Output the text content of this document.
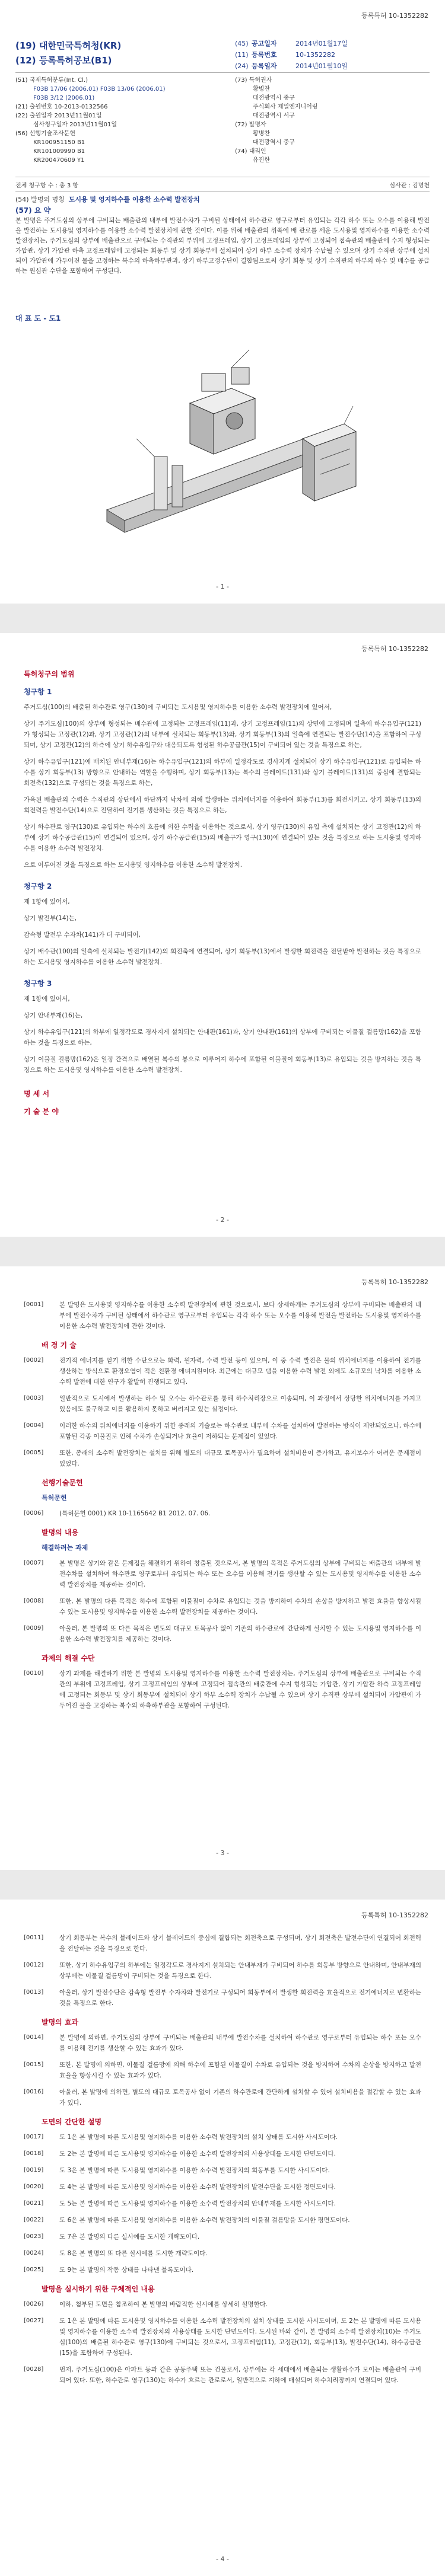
등록특허 10-1352282
(19) 대한민국특허청(KR)
(12) 등록특허공보(B1)
(45) 공고일자	2014년01월17일
(11) 등록번호	10-1352282
(24) 등록일자	2014년01월10일
(51) 국제특허분류(Int. Cl.)
F03B 17/06 (2006.01) F03B 13/06 (2006.01)
F03B 3/12 (2006.01)
(21) 출원번호 10-2013-0132566
(22) 출원일자 2013년11월01일
심사청구일자 2013년11월01일
(56) 선행기술조사문헌
KR100951150 B1
KR101009990 B1
KR200470609 Y1
(73) 특허권자
황병찬
대전광역시 중구
주식회사 제일엔지니어링
대전광역시 서구
(72) 발명자
황병찬
대전광역시 중구
(74) 대리인
유진한
전체 청구항 수 : 총 3 항	심사관 : 김명천
(54) 발명의 명칭 도시용 및 영지하수를 이용한 소수력 발전장치
(57) 요 약
본 발명은 주거도심의 상부에 구비되는 배출관의 내부에 발전수차가 구비된 상태에서 하수관로 영구로부터 유입되는 각각 하수 또는 오수를 이용해 발전을 발전하는 도시용및 영지하수를 이용한 소수력 발전장치에 관한 것이다. 이를 위해 배출관의 위쪽에 배 관로를 세운 도시용및 영지하수를 이용한 소수력 발전장치는, 주거도심의 상부에 배출관으로 구비되는 수직관의 부위에 고정프레임, 상기 고정프레임의 상부에 고정되어 접속관의 배출관에 수지 형성되는 가압관, 상기 가압관 하측 고정프레임에 고정되는 회동부 및 상기 회동부에 설치되어 상기 하부 소수력 장치가 수납될 수 있으며 상기 수직관 상부에 설치되어 가압관에 가두어진 물을 고정하는 복수의 하측하부관과, 상기 하부고정수단이 결합됨으로써 상기 회동 및 상기 수직관의 하부의 하수 및 배수를 공급하는 원심관 수단을 포함하여 구성된다.
대 표 도 - 도1
- 1 -
등록특허 10-1352282
특허청구의 범위
청구항 1

주거도심(100)의 배출된 하수관로 영구(130)에 구비되는 도시용및 영지하수를 이용한 소수력 발전장치에 있어서,

상기 주거도심(100)의 상부에 형성되는 배수관에 고정되는 고정프레임(11)과, 상기 고정프레임(11)의 상면에 고정되며 일측에 하수유입구(121)가 형성되는 고정관(12)과, 상기 고정관(12)의 내부에 설치되는 회동부(13)와, 상기 회동부(13)의 일측에 연결되는 발전수단(14)을 포함하여 구성되며, 상기 고정관(12)의 하측에 상기 하수유입구와 대응되도록 형성된 하수공급관(15)이 구비되어 있는 것을 특징으로 하는,

상기 하수유입구(121)에 배치된 안내부재(16)는 하수유입구(121)의 하부에 일정각도로 경사지게 설치되어 상기 하수유입구(121)로 유입되는 하수를 상기 회동부(13) 방향으로 안내하는 역할을 수행하며, 상기 회동부(13)는 복수의 블레이드(131)와 상기 블레이드(131)의 중심에 결합되는 회전축(132)으로 구성되는 것을 특징으로 하는,

가옥된 배출관의 수력은 수직관의 상단에서 하단까지 낙차에 의해 발생하는 위치에너지를 이용하여 회동부(13)를 회전시키고, 상기 회동부(13)의 회전력을 발전수단(14)으로 전달하여 전기를 생산하는 것을 특징으로 하는,

상기 하수관로 영구(130)로 유입되는 하수의 흐름에 의한 수력을 이용하는 것으로서, 상기 영구(130)의 유입 측에 설치되는 상기 고정관(12)의 하부에 상기 하수공급관(15)이 연결되어 있으며, 상기 하수공급관(15)의 배출구가 영구(130)에 연결되어 있는 것을 특징으로 하는 도시용및 영지하수를 이용한 소수력 발전장치.

으로 이루어진 것을 특징으로 하는 도시용및 영지하수를 이용한 소수력 발전장치.

청구항 2

제 1항에 있어서,

상기 발전부(14)는,

감속형 발전부 수자차(141)가 더 구비되어,

상기 배수관(100)의 일측에 설치되는 발전기(142)의 회전축에 연결되어, 상기 회동부(13)에서 발생한 회전력을 전달받아 발전하는 것을 특징으로 하는 도시용및 영지하수를 이용한 소수력 발전장치.

청구항 3

제 1항에 있어서,

상기 안내부재(16)는,

상기 하수유입구(121)의 하부에 일정각도로 경사지게 설치되는 안내판(161)과, 상기 안내판(161)의 상부에 구비되는 이물질 걸름망(162)을 포함하는 것을 특징으로 하는,

상기 이물질 걸름망(162)은 일정 간격으로 배열된 복수의 봉으로 이루어져 하수에 포함된 이물질이 회동부(13)로 유입되는 것을 방지하는 것을 특징으로 하는 도시용및 영지하수를 이용한 소수력 발전장치.

명 세 서
기 술 분 야
- 2 -
등록특허 10-1352282
[0001]	본 발명은 도시용및 영지하수를 이용한 소수력 발전장치에 관한 것으로서, 보다 상세하게는 주거도심의 상부에 구비되는 배출관의 내부에 발전수차가 구비된 상태에서 하수관로 영구로부터 유입되는 각각 하수 또는 오수를 이용해 발전을 발전하는 도시용및 영지하수를 이용한 소수력 발전장치에 관한 것이다.
배 경 기 술
[0002]	전기적 에너지를 얻기 위한 수단으로는 화력, 원자력, 수력 발전 등이 있으며, 이 중 수력 발전은 물의 위치에너지를 이용하여 전기를 생산하는 방식으로 환경오염이 적은 친환경 에너지원이다. 최근에는 대규모 댐을 이용한 수력 발전 외에도 소규모의 낙차를 이용한 소수력 발전에 대한 연구가 활발히 진행되고 있다.
[0003]	일반적으로 도시에서 발생하는 하수 및 오수는 하수관로를 통해 하수처리장으로 이송되며, 이 과정에서 상당한 위치에너지를 가지고 있음에도 불구하고 이를 활용하지 못하고 버려지고 있는 실정이다.
[0004]	이러한 하수의 위치에너지를 이용하기 위한 종래의 기술로는 하수관로 내부에 수차를 설치하여 발전하는 방식이 제안되었으나, 하수에 포함된 각종 이물질로 인해 수차가 손상되거나 효율이 저하되는 문제점이 있었다.
[0005]	또한, 종래의 소수력 발전장치는 설치를 위해 별도의 대규모 토목공사가 필요하여 설치비용이 증가하고, 유지보수가 어려운 문제점이 있었다.
선행기술문헌
특허문헌
[0006]	(특허문헌 0001) KR 10-1165642 B1 2012. 07. 06.
발명의 내용
해결하려는 과제
[0007]	본 발명은 상기와 같은 문제점을 해결하기 위하여 창출된 것으로서, 본 발명의 목적은 주거도심의 상부에 구비되는 배출관의 내부에 발전수차를 설치하여 하수관로 영구로부터 유입되는 하수 또는 오수를 이용해 전기를 생산할 수 있는 도시용및 영지하수를 이용한 소수력 발전장치를 제공하는 것이다.
[0008]	또한, 본 발명의 다른 목적은 하수에 포함된 이물질이 수차로 유입되는 것을 방지하여 수차의 손상을 방지하고 발전 효율을 향상시킬 수 있는 도시용및 영지하수를 이용한 소수력 발전장치를 제공하는 것이다.
[0009]	아울러, 본 발명의 또 다른 목적은 별도의 대규모 토목공사 없이 기존의 하수관로에 간단하게 설치할 수 있는 도시용및 영지하수를 이용한 소수력 발전장치를 제공하는 것이다.
과제의 해결 수단
[0010]	상기 과제를 해결하기 위한 본 발명의 도시용및 영지하수를 이용한 소수력 발전장치는, 주거도심의 상부에 배출관으로 구비되는 수직관의 부위에 고정프레임, 상기 고정프레임의 상부에 고정되어 접속관의 배출관에 수지 형성되는 가압관, 상기 가압관 하측 고정프레임에 고정되는 회동부 및 상기 회동부에 설치되어 상기 하부 소수력 장치가 수납될 수 있으며 상기 수직관 상부에 설치되어 가압관에 가두어진 물을 고정하는 복수의 하측하부관을 포함하여 구성된다.
- 3 -
등록특허 10-1352282
[0011]	상기 회동부는 복수의 블레이드와 상기 블레이드의 중심에 결합되는 회전축으로 구성되며, 상기 회전축은 발전수단에 연결되어 회전력을 전달하는 것을 특징으로 한다.
[0012]	또한, 상기 하수유입구의 하부에는 일정각도로 경사지게 설치되는 안내부재가 구비되어 하수를 회동부 방향으로 안내하며, 안내부재의 상부에는 이물질 걸름망이 구비되는 것을 특징으로 한다.
[0013]	아울러, 상기 발전수단은 감속형 발전부 수자차와 발전기로 구성되어 회동부에서 발생한 회전력을 효율적으로 전기에너지로 변환하는 것을 특징으로 한다.
발명의 효과
[0014]	본 발명에 의하면, 주거도심의 상부에 구비되는 배출관의 내부에 발전수차를 설치하여 하수관로 영구로부터 유입되는 하수 또는 오수를 이용해 전기를 생산할 수 있는 효과가 있다.
[0015]	또한, 본 발명에 의하면, 이물질 걸름망에 의해 하수에 포함된 이물질이 수차로 유입되는 것을 방지하여 수차의 손상을 방지하고 발전 효율을 향상시킬 수 있는 효과가 있다.
[0016]	아울러, 본 발명에 의하면, 별도의 대규모 토목공사 없이 기존의 하수관로에 간단하게 설치할 수 있어 설치비용을 절감할 수 있는 효과가 있다.
도면의 간단한 설명
[0017]	도 1은 본 발명에 따른 도시용및 영지하수를 이용한 소수력 발전장치의 설치 상태를 도시한 사시도이다.
[0018]	도 2는 본 발명에 따른 도시용및 영지하수를 이용한 소수력 발전장치의 사용상태를 도시한 단면도이다.
[0019]	도 3은 본 발명에 따른 도시용및 영지하수를 이용한 소수력 발전장치의 회동부를 도시한 사시도이다.
[0020]	도 4는 본 발명에 따른 도시용및 영지하수를 이용한 소수력 발전장치의 발전수단을 도시한 정면도이다.
[0021]	도 5는 본 발명에 따른 도시용및 영지하수를 이용한 소수력 발전장치의 안내부재를 도시한 사시도이다.
[0022]	도 6은 본 발명에 따른 도시용및 영지하수를 이용한 소수력 발전장치의 이물질 걸름망을 도시한 평면도이다.
[0023]	도 7은 본 발명의 다른 실시예를 도시한 개략도이다.
[0024]	도 8은 본 발명의 또 다른 실시예를 도시한 개략도이다.
[0025]	도 9는 본 발명의 작동 상태를 나타낸 블록도이다.
발명을 실시하기 위한 구체적인 내용
[0026]	이하, 첨부된 도면을 참조하여 본 발명의 바람직한 실시예를 상세히 설명한다.
[0027]	도 1은 본 발명에 따른 도시용및 영지하수를 이용한 소수력 발전장치의 설치 상태를 도시한 사시도이며, 도 2는 본 발명에 따른 도시용및 영지하수를 이용한 소수력 발전장치의 사용상태를 도시한 단면도이다. 도시된 바와 같이, 본 발명의 소수력 발전장치(10)는 주거도심(100)의 배출된 하수관로 영구(130)에 구비되는 것으로서, 고정프레임(11), 고정관(12), 회동부(13), 발전수단(14), 하수공급관(15)을 포함하여 구성된다.
[0028]	먼저, 주거도심(100)은 아파트 등과 같은 공동주택 또는 건물로서, 상부에는 각 세대에서 배출되는 생활하수가 모이는 배출관이 구비되어 있다. 또한, 하수관로 영구(130)는 하수가 흐르는 관로로서, 일반적으로 지하에 매설되어 하수처리장까지 연결되어 있다.
- 4 -
